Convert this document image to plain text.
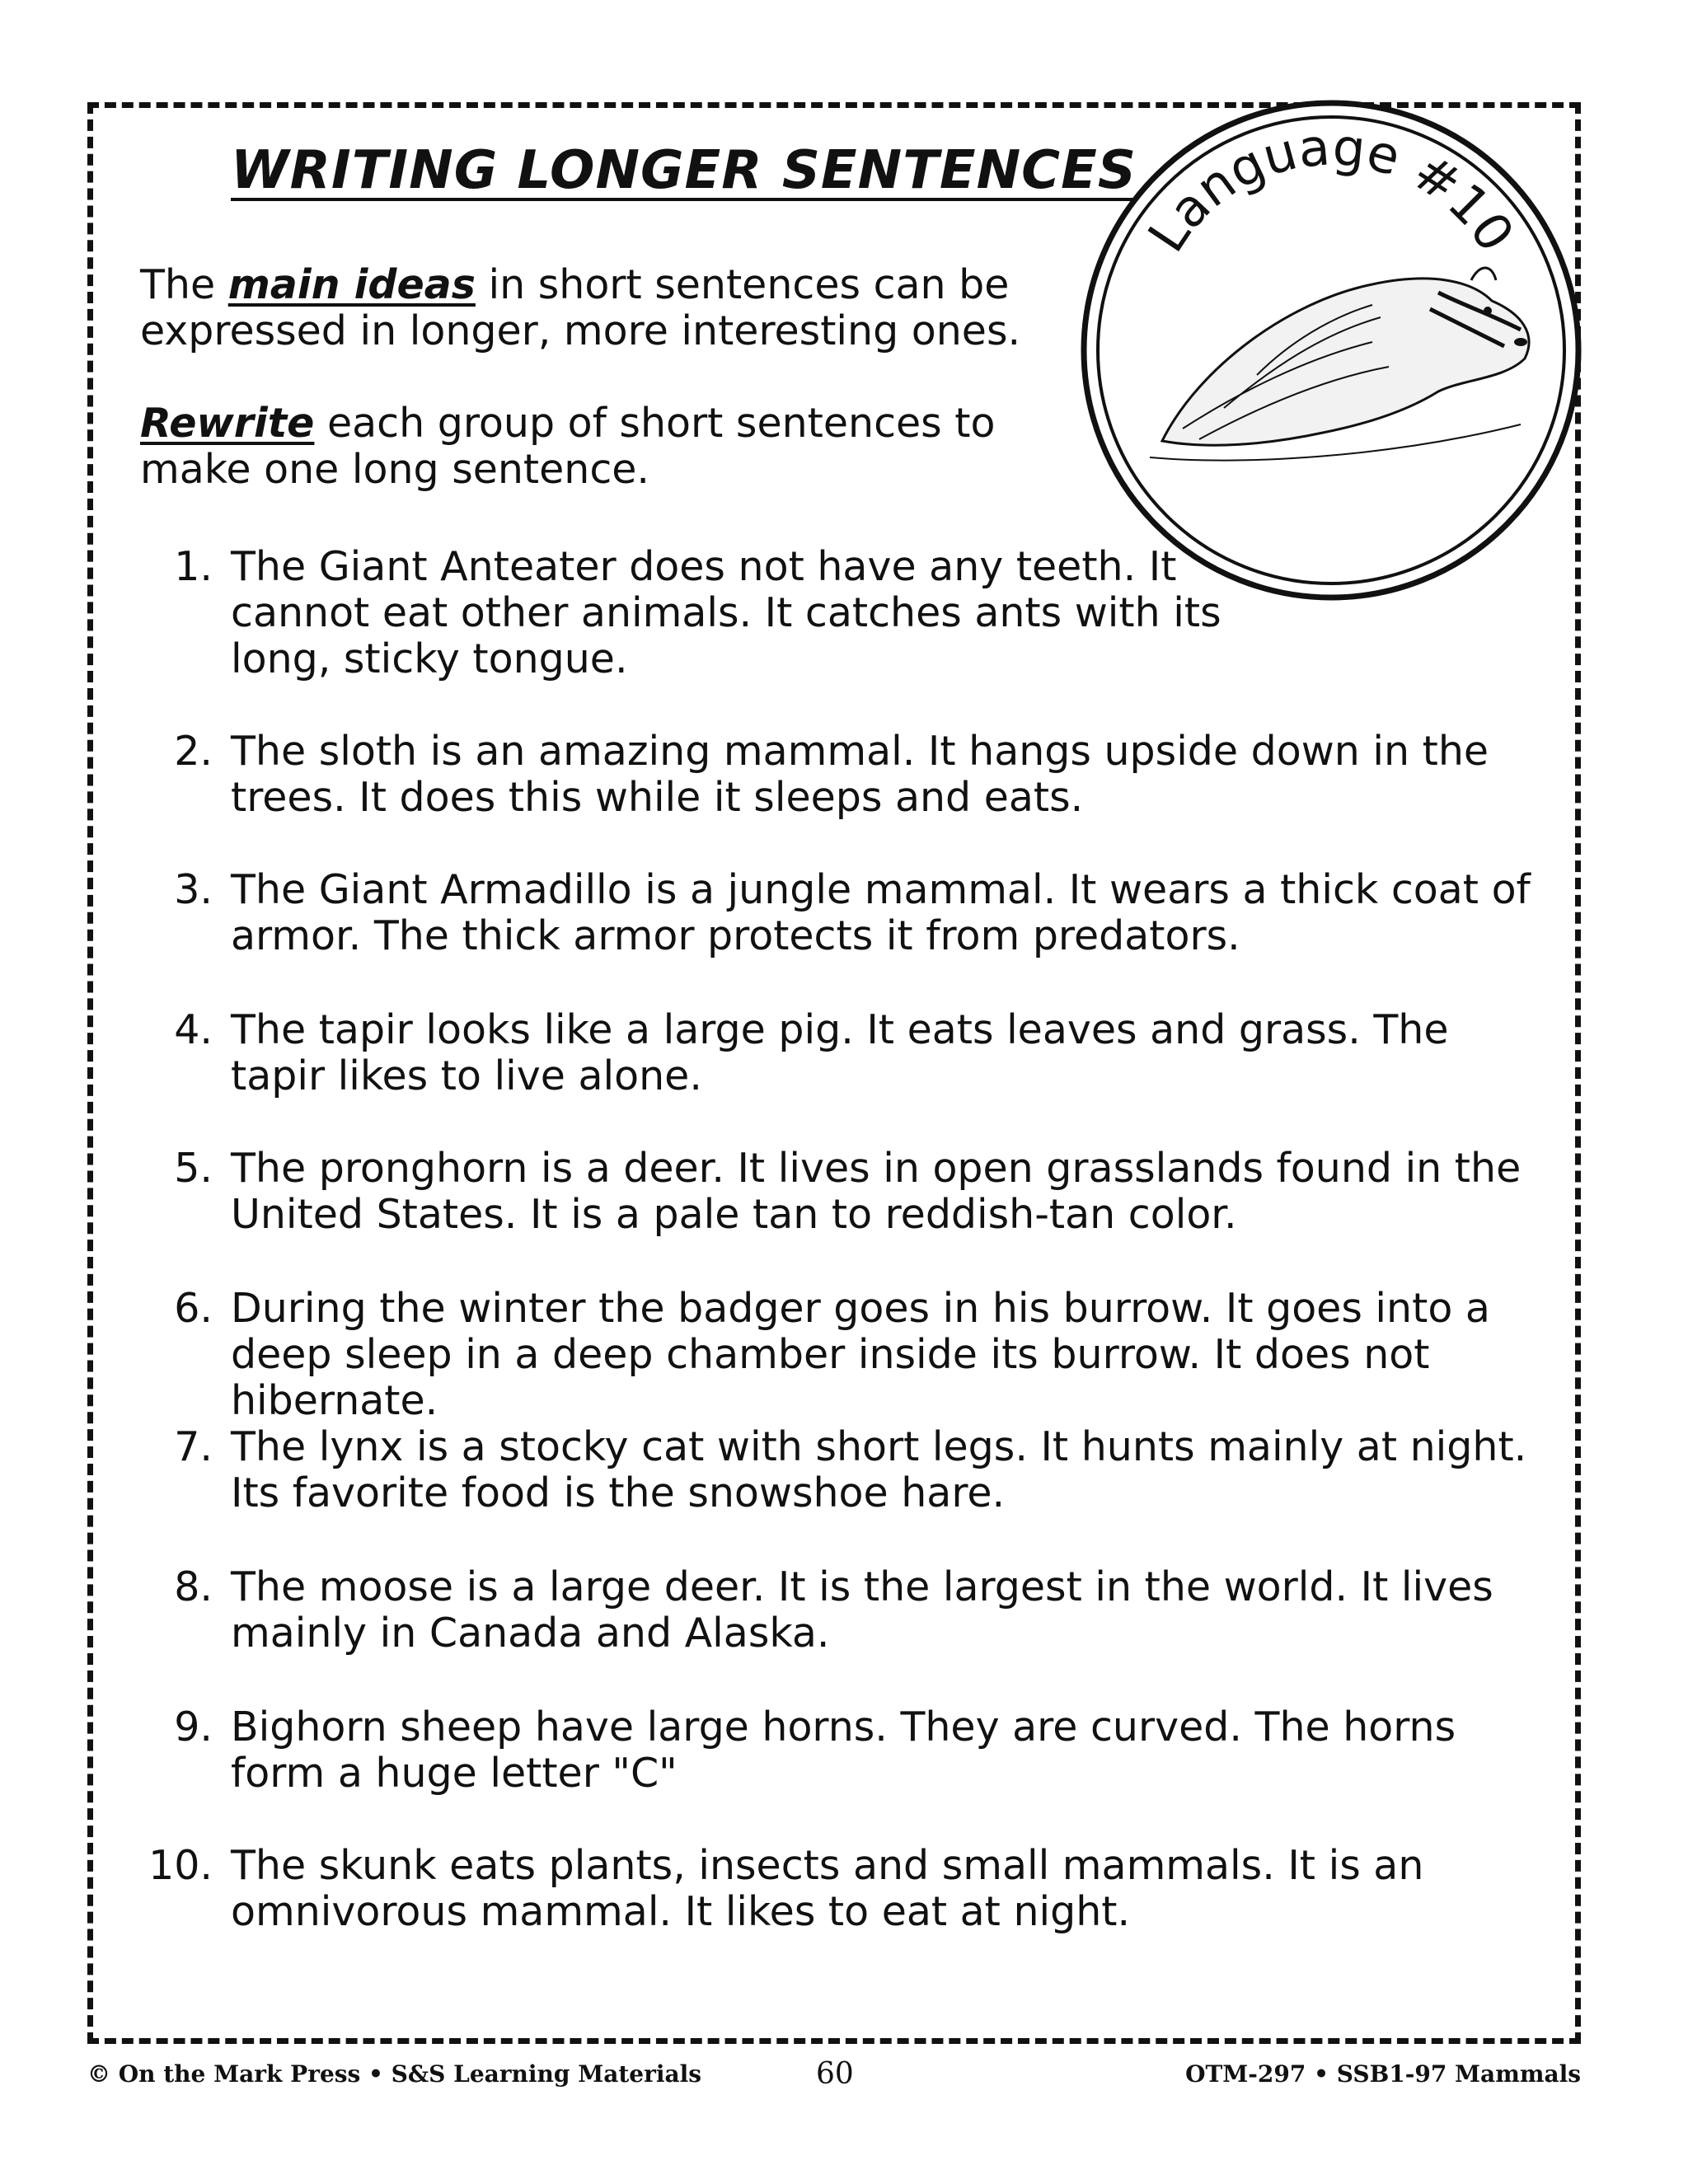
WRITING LONGER SENTENCES
Language #10

The main ideas in short sentences can be expressed in longer, more interesting ones.

Rewrite each group of short sentences to make one long sentence.

1. The Giant Anteater does not have any teeth. It cannot eat other animals. It catches ants with its long, sticky tongue.
2. The sloth is an amazing mammal. It hangs upside down in the trees. It does this while it sleeps and eats.
3. The Giant Armadillo is a jungle mammal. It wears a thick coat of armor. The thick armor protects it from predators.
4. The tapir looks like a large pig. It eats leaves and grass. The tapir likes to live alone.
5. The pronghorn is a deer. It lives in open grasslands found in the United States. It is a pale tan to reddish-tan color.
6. During the winter the badger goes in his burrow. It goes into a deep sleep in a deep chamber inside its burrow. It does not hibernate.
7. The lynx is a stocky cat with short legs. It hunts mainly at night. Its favorite food is the snowshoe hare.
8. The moose is a large deer. It is the largest in the world. It lives mainly in Canada and Alaska.
9. Bighorn sheep have large horns. They are curved. The horns form a huge letter "C"
10. The skunk eats plants, insects and small mammals. It is an omnivorous mammal. It likes to eat at night.
© On the Mark Press • S&S Learning Materials	60	OTM-297 • SSB1-97 Mammals
